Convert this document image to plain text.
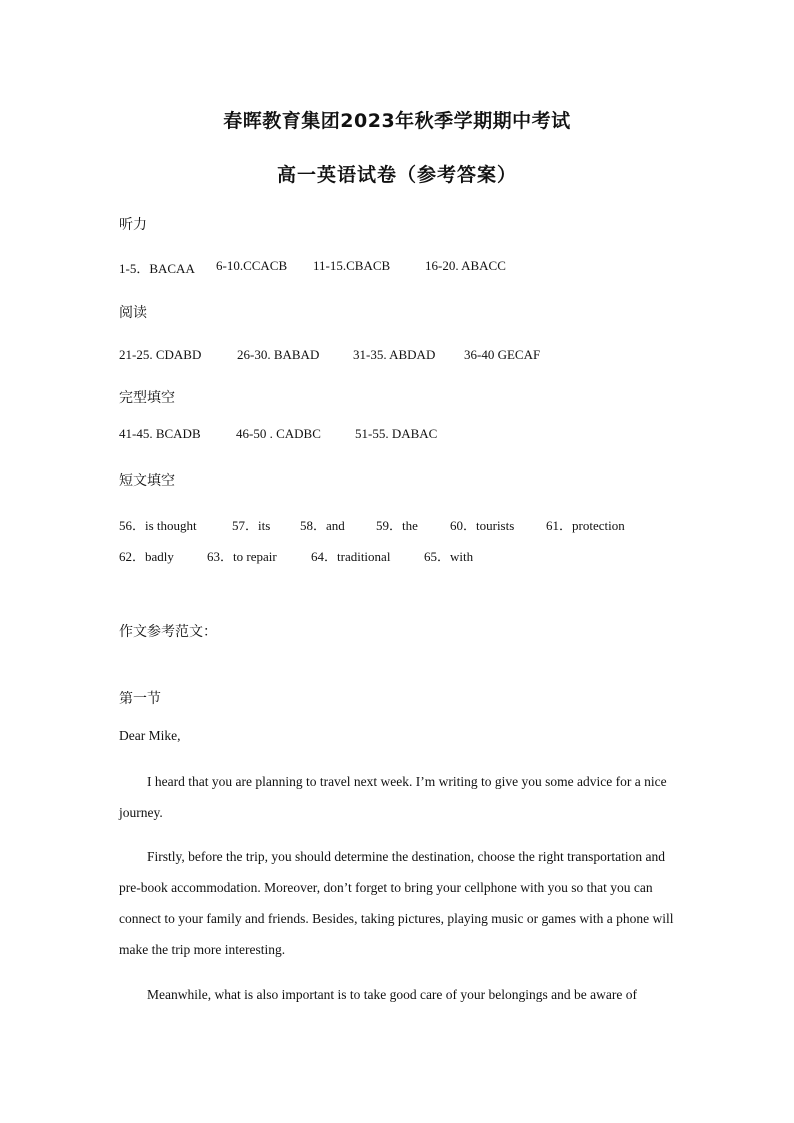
春晖教育集团2023年秋季学期期中考试
高一英语试卷（参考答案）
听力
1-5．BACAA 6-10.CCACB 11-15.CBACB	16-20. ABACC
阅读
21-25. CDABD	26-30. BABAD	31-35. ABDAD 36-40 GECAF
完型填空
41-45. BCADB	46-50 . CADBC	51-55. DABAC
短文填空
56．is thought	57．its 58．and 59．the 60．tourists 61．protection
62．badly	63．to repair	64．traditional	65．with
作文参考范文：
第一节
Dear Mike,

I heard that you are planning to travel next week. I’m writing to give you some advice for a nice journey.

Firstly, before the trip, you should determine the destination, choose the right transportation and pre-book accommodation. Moreover, don’t forget to bring your cellphone with you so that you can connect to your family and friends. Besides, taking pictures, playing music or games with a phone will make the trip more interesting.

Meanwhile, what is also important is to take good care of your belongings and be aware of
